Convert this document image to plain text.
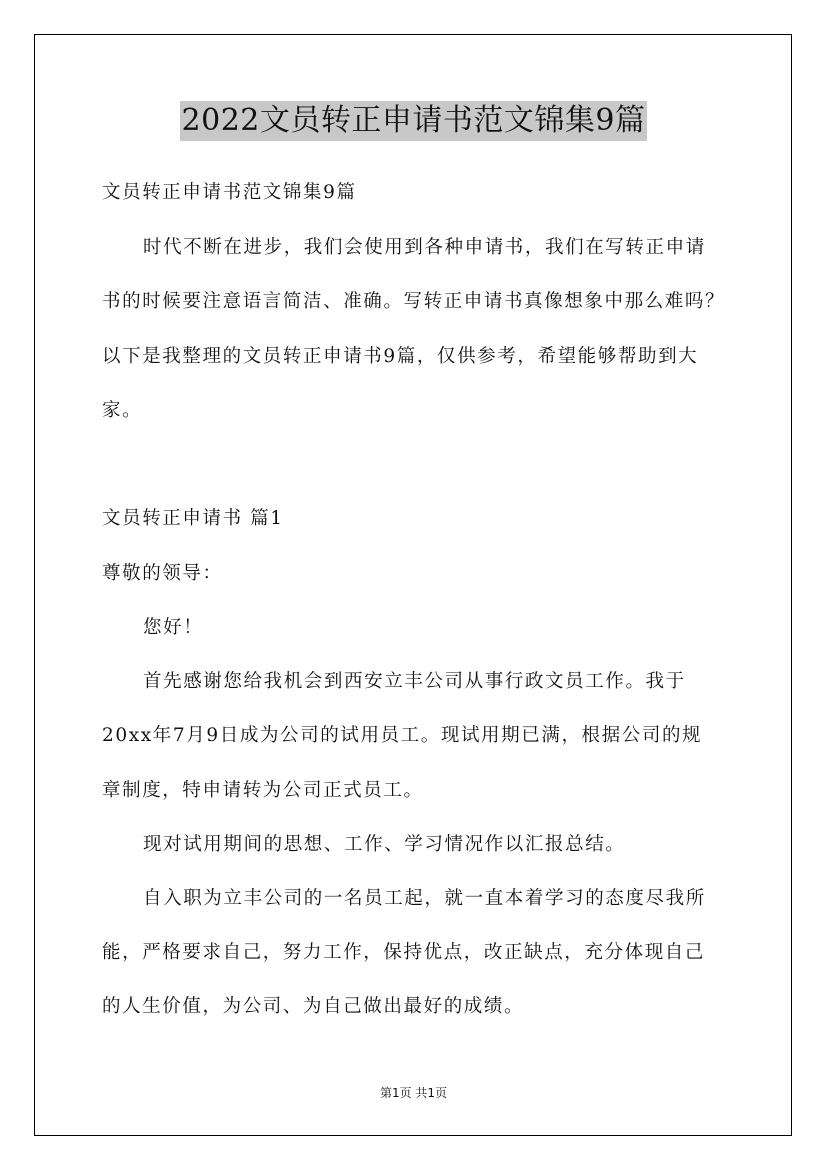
2022文员转正申请书范文锦集9篇
文员转正申请书范文锦集9篇
时代不断在进步，我们会使用到各种申请书，我们在写转正申请
书的时候要注意语言简洁、准确。写转正申请书真像想象中那么难吗？
以下是我整理的文员转正申请书9篇，仅供参考，希望能够帮助到大
家。
文员转正申请书 篇1
尊敬的领导：
您好！
首先感谢您给我机会到西安立丰公司从事行政文员工作。我于
20xx年7月9日成为公司的试用员工。现试用期已满，根据公司的规
章制度，特申请转为公司正式员工。
现对试用期间的思想、工作、学习情况作以汇报总结。
自入职为立丰公司的一名员工起，就一直本着学习的态度尽我所
能，严格要求自己，努力工作，保持优点，改正缺点，充分体现自己
的人生价值，为公司、为自己做出最好的成绩。
第1页 共1页
